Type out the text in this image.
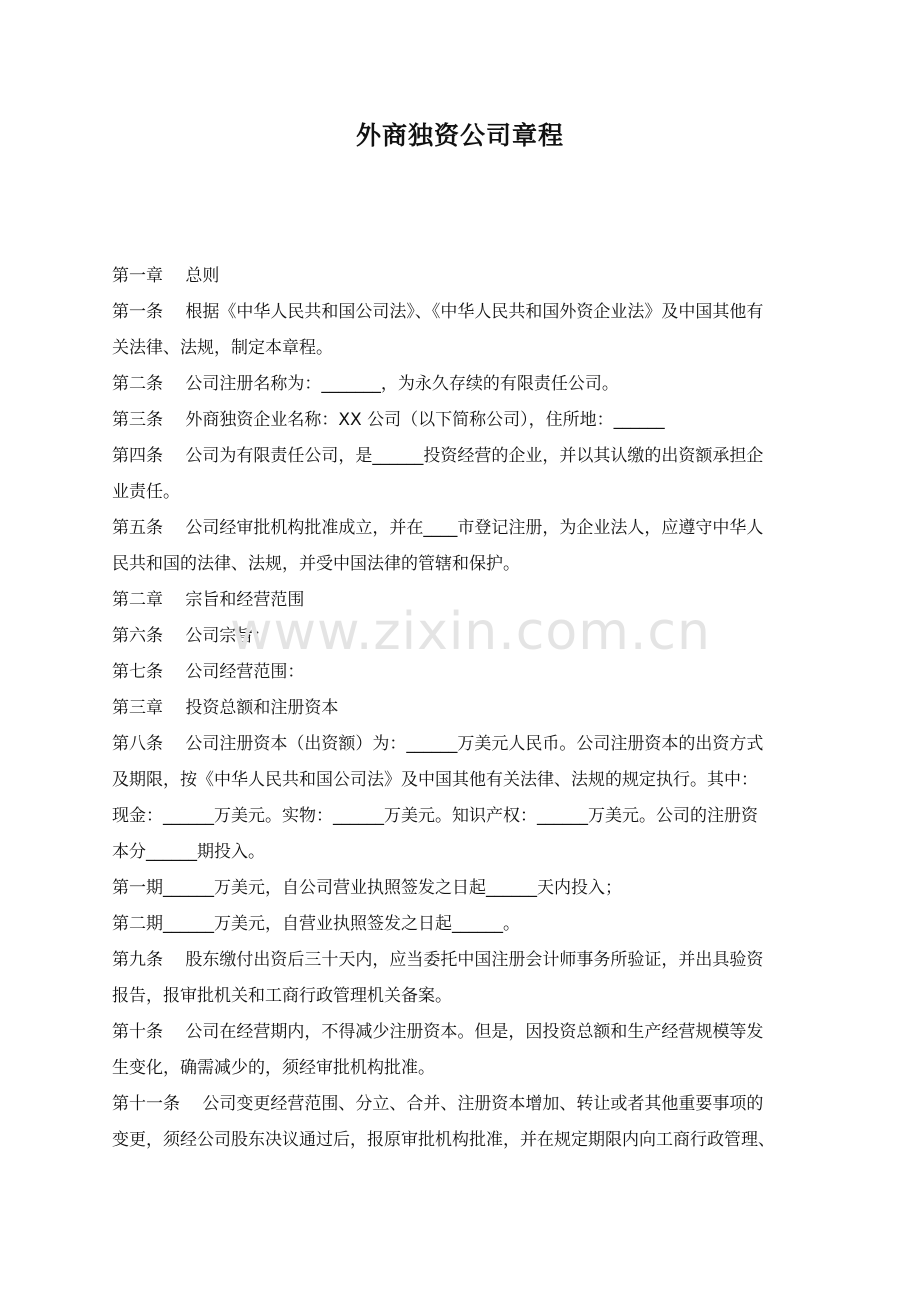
外商独资公司章程
第一章　 总则
第一条　 根据《中华人民共和国公司法》、《中华人民共和国外资企业法》及中国其他有
关法律、法规，制定本章程。
第二条　 公司注册名称为：_______，为永久存续的有限责任公司。
第三条　 外商独资企业名称：XX 公司（以下简称公司），住所地：______
第四条　 公司为有限责任公司，是______投资经营的企业，并以其认缴的出资额承担企
业责任。
第五条　 公司经审批机构批准成立，并在____市登记注册，为企业法人，应遵守中华人
民共和国的法律、法规，并受中国法律的管辖和保护。
第二章　 宗旨和经营范围
第六条　 公司宗旨：
第七条　 公司经营范围：
第三章　 投资总额和注册资本
第八条　 公司注册资本（出资额）为：______万美元人民币。公司注册资本的出资方式
及期限，按《中华人民共和国公司法》及中国其他有关法律、法规的规定执行。其中：
现金：______万美元。实物：______万美元。知识产权：______万美元。公司的注册资
本分______期投入。
第一期______万美元，自公司营业执照签发之日起______天内投入；
第二期______万美元，自营业执照签发之日起______。
第九条　 股东缴付出资后三十天内，应当委托中国注册会计师事务所验证，并出具验资
报告，报审批机关和工商行政管理机关备案。
第十条　 公司在经营期内，不得减少注册资本。但是，因投资总额和生产经营规模等发
生变化，确需减少的，须经审批机构批准。
第十一条　 公司变更经营范围、分立、合并、注册资本增加、转让或者其他重要事项的
变更，须经公司股东决议通过后，报原审批机构批准，并在规定期限内向工商行政管理、
www.zixin.com.cn
